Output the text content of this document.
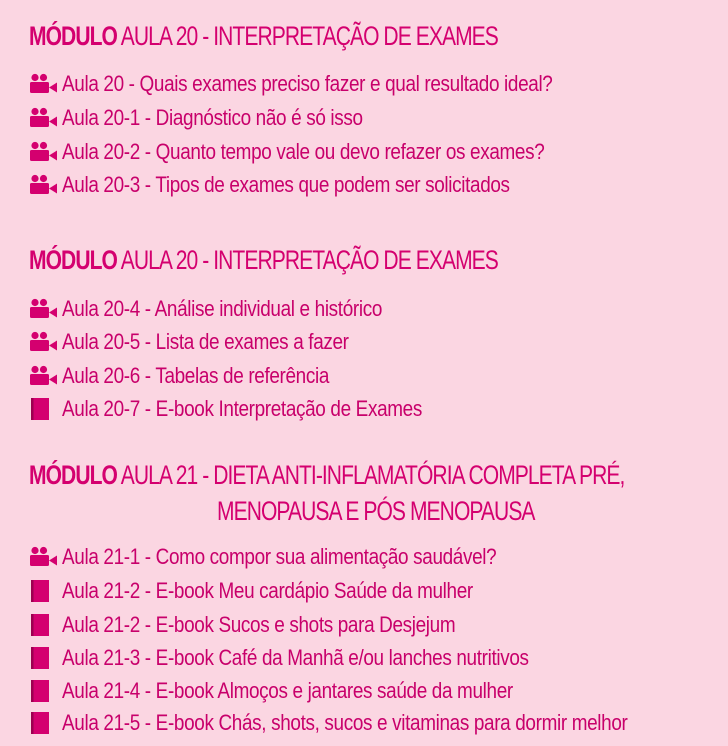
MÓDULO AULA 20 - INTERPRETAÇÃO DE EXAMES
Aula 20 - Quais exames preciso fazer e qual resultado ideal?
Aula 20-1 - Diagnóstico não é só isso
Aula 20-2 - Quanto tempo vale ou devo refazer os exames?
Aula 20-3 - Tipos de exames que podem ser solicitados
MÓDULO AULA 20 - INTERPRETAÇÃO DE EXAMES
Aula 20-4 - Análise individual e histórico
Aula 20-5 - Lista de exames a fazer
Aula 20-6 - Tabelas de referência
Aula 20-7 - E-book Interpretação de Exames
MÓDULO AULA 21 - DIETA ANTI-INFLAMATÓRIA COMPLETA PRÉ,
MENOPAUSA E PÓS MENOPAUSA
Aula 21-1 - Como compor sua alimentação saudável?
Aula 21-2 - E-book Meu cardápio Saúde da mulher
Aula 21-2 - E-book Sucos e shots para Desjejum
Aula 21-3 - E-book Café da Manhã e/ou lanches nutritivos
Aula 21-4 - E-book Almoços e jantares saúde da mulher
Aula 21-5 - E-book Chás, shots, sucos e vitaminas para dormir melhor
